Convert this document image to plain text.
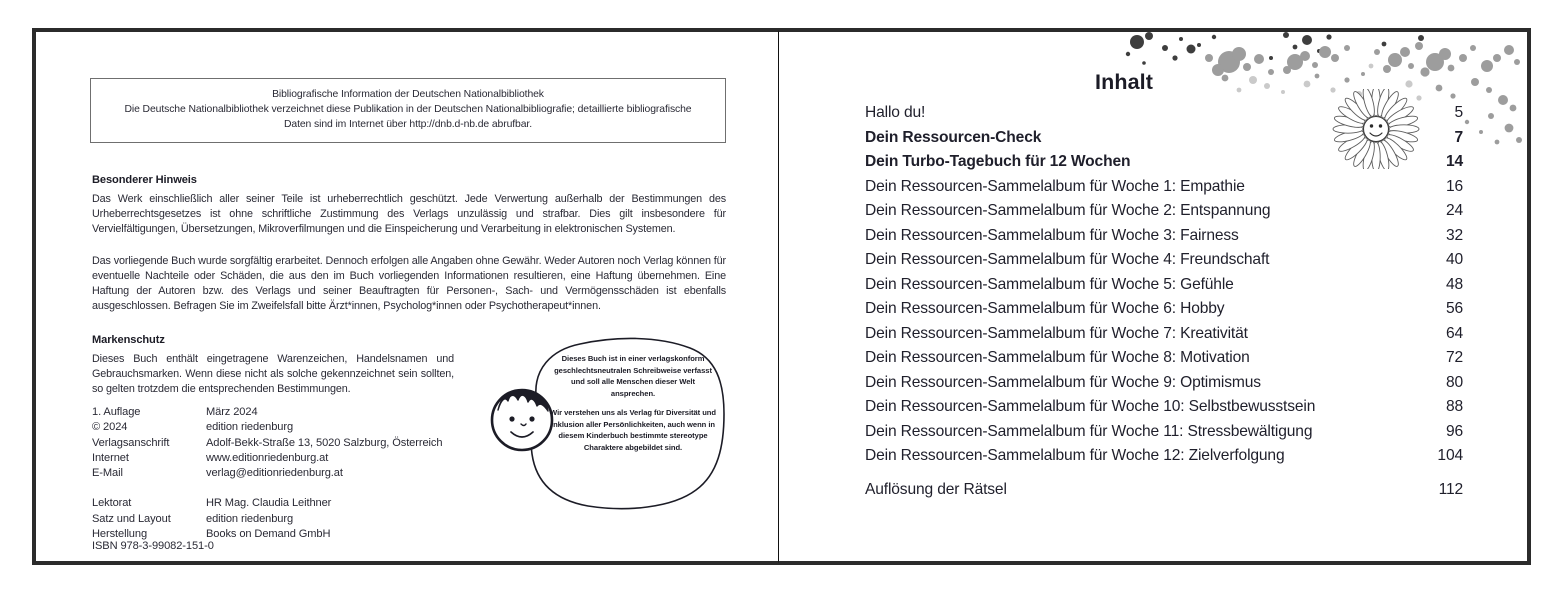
Bibliografische Information der Deutschen Nationalbibliothek

Die Deutsche Nationalbibliothek verzeichnet diese Publikation in der Deutschen Nationalbibliografie; detaillierte bibliografische

Daten sind im Internet über http://dnb.d-nb.de abrufbar.

Besonderer Hinweis

Das Werk einschließlich aller seiner Teile ist urheberrechtlich geschützt. Jede Verwertung außerhalb der Bestimmungen des Urheberrechtsgesetzes ist ohne schriftliche Zustimmung des Verlags unzulässig und strafbar. Dies gilt insbesondere für Vervielfältigungen, Übersetzungen, Mikroverfilmungen und die Einspeicherung und Verarbeitung in elektronischen Systemen.

Das vorliegende Buch wurde sorgfältig erarbeitet. Dennoch erfolgen alle Angaben ohne Gewähr. Weder Autoren noch Verlag können für eventuelle Nachteile oder Schäden, die aus den im Buch vorliegenden Informationen resultieren, eine Haftung übernehmen. Eine Haftung der Autoren bzw. des Verlags und seiner Beauftragten für Personen-, Sach- und Vermögensschäden ist ebenfalls ausgeschlossen. Befragen Sie im Zweifelsfall bitte Ärzt*innen, Psycholog*innen oder Psychotherapeut*innen.

Markenschutz

Dieses Buch enthält eingetragene Warenzeichen, Handelsnamen und Gebrauchsmarken. Wenn diese nicht als solche gekennzeichnet sein sollten, so gelten trotzdem die entsprechenden Bestimmungen.

1. Auflage	März 2024
© 2024	edition riedenburg
Verlagsanschrift	Adolf-Bekk-Straße 13, 5020 Salzburg, Österreich
Internet	www.editionriedenburg.at
E-Mail	verlag@editionriedenburg.at

Lektorat	HR Mag. Claudia Leithner
Satz und Layout	edition riedenburg
Herstellung	Books on Demand GmbH
ISBN 978-3-99082-151-0

Dieses Buch ist in einer verlagskonform geschlechtsneutralen Schreibweise verfasst und soll alle Menschen dieser Welt ansprechen.

Wir verstehen uns als Verlag für Diversität und Inklusion aller Persönlichkeiten, auch wenn in diesem Kinderbuch bestimmte stereotype Charaktere abgebildet sind.

Inhalt
Hallo du!	5
Dein Ressourcen-Check	7
Dein Turbo-Tagebuch für 12 Wochen	14
Dein Ressourcen-Sammelalbum für Woche 1: Empathie	16
Dein Ressourcen-Sammelalbum für Woche 2: Entspannung	24
Dein Ressourcen-Sammelalbum für Woche 3: Fairness	32
Dein Ressourcen-Sammelalbum für Woche 4: Freundschaft	40
Dein Ressourcen-Sammelalbum für Woche 5: Gefühle	48
Dein Ressourcen-Sammelalbum für Woche 6: Hobby	56
Dein Ressourcen-Sammelalbum für Woche 7: Kreativität	64
Dein Ressourcen-Sammelalbum für Woche 8: Motivation	72
Dein Ressourcen-Sammelalbum für Woche 9: Optimismus	80
Dein Ressourcen-Sammelalbum für Woche 10: Selbstbewusstsein	88
Dein Ressourcen-Sammelalbum für Woche 11: Stressbewältigung	96
Dein Ressourcen-Sammelalbum für Woche 12: Zielverfolgung	104
Auflösung der Rätsel	112
